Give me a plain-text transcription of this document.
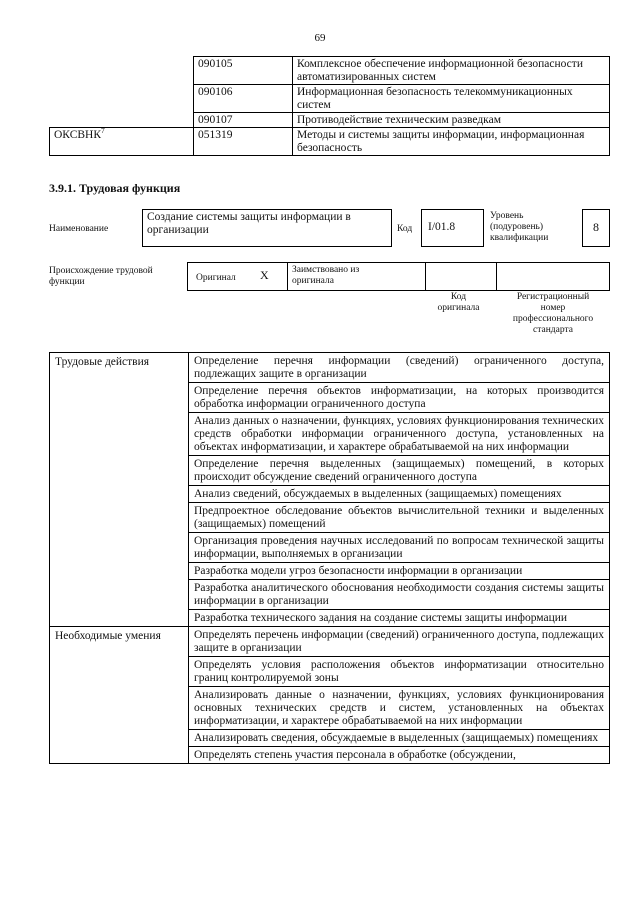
69
	090105	Комплексное обеспечение информационной безопасности автоматизированных систем
	090106	Информационная безопасность телекоммуникационных систем
	090107	Противодействие техническим разведкам
ОКСВНК$^7$	051319	Методы и системы защиты информации, информационная безопасность
3.9.1. Трудовая функция
Наименование
Создание системы защиты информации в организации	Код	I/01.8
Уровень
(подуровень)
квалификации
8
Происхождение трудовой
функции	Оригинал X Заимствовано из
оригинала
Код
оригинала
Регистрационный
номер
профессионального
стандарта
Трудовые действия	Определение перечня информации (сведений) ограниченного доступа, подлежащих защите в организации
	Определение перечня объектов информатизации, на которых производится обработка информации ограниченного доступа
	Анализ данных о назначении, функциях, условиях функционирования технических средств обработки информации ограниченного доступа, установленных на объектах информатизации, и характере обрабатываемой на них информации
	Определение перечня выделенных (защищаемых) помещений, в которых происходит обсуждение сведений ограниченного доступа
	Анализ сведений, обсуждаемых в выделенных (защищаемых) помещениях
	Предпроектное обследование объектов вычислительной техники и выделенных (защищаемых) помещений
	Организация проведения научных исследований по вопросам технической защиты информации, выполняемых в организации
	Разработка модели угроз безопасности информации в организации
	Разработка аналитического обоснования необходимости создания системы защиты информации в организации
	Разработка технического задания на создание системы защиты информации
Необходимые умения	Определять перечень информации (сведений) ограниченного доступа, подлежащих защите в организации
	Определять условия расположения объектов информатизации относительно границ контролируемой зоны
	Анализировать данные о назначении, функциях, условиях функционирования основных технических средств и систем, установленных на объектах информатизации, и характере обрабатываемой на них информации
	Анализировать сведения, обсуждаемые в выделенных (защищаемых) помещениях
	Определять степень участия персонала в обработке (обсуждении,
